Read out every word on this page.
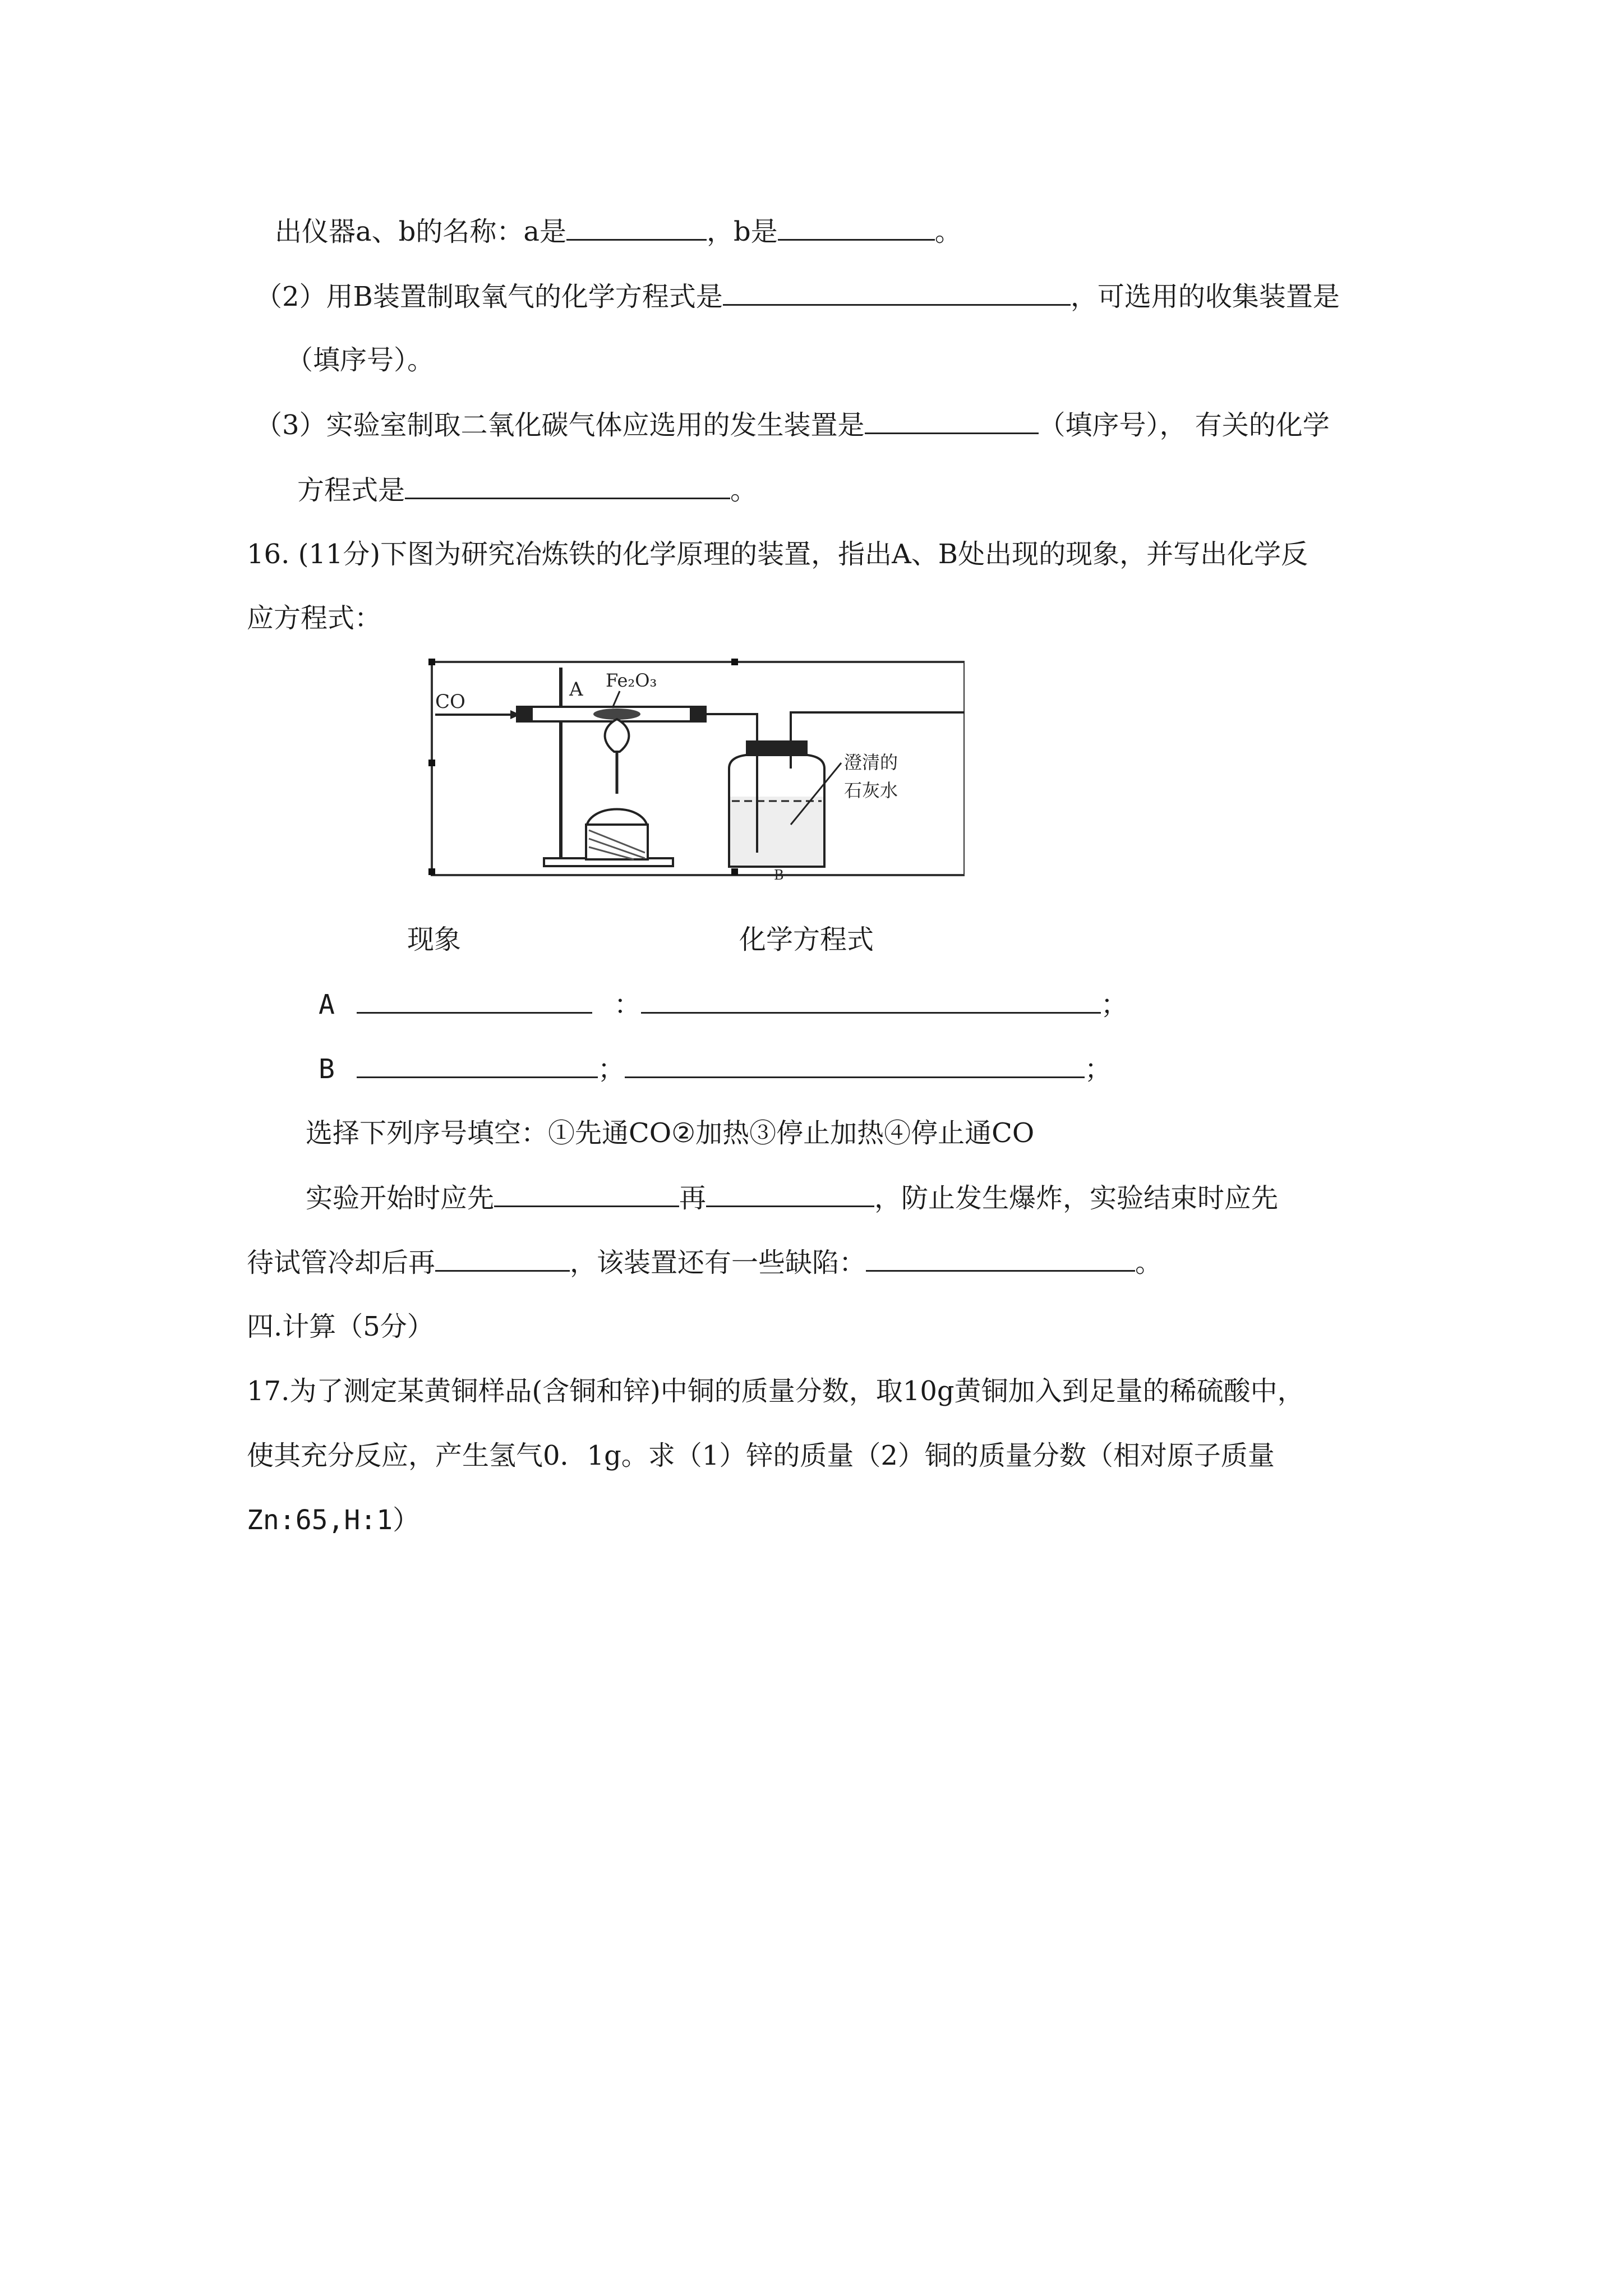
出仪器a、b的名称：a是	，b是	。
（2）用B装置制取氧气的化学方程式是	，可选用的收集装置是
（填序号）。
（3）实验室制取二氧化碳气体应选用的发生装置是	（填序号）， 有关的化学
方程式是	。
16. (11分)下图为研究冶炼铁的化学原理的装置，指出A、B处出现的现象，并写出化学反
应方程式：
CO
A Fe₂O₃
澄清的
石灰水
B
现象	化学方程式
A	：	；
B	；	；
选择下列序号填空：①先通CO②加热③停止加热④停止通CO
实验开始时应先	再	，防止发生爆炸，实验结束时应先
待试管冷却后再	，该装置还有一些缺陷：	。
四.计算（5分）
17.为了测定某黄铜样品(含铜和锌)中铜的质量分数，取10g黄铜加入到足量的稀硫酸中，
使其充分反应，产生氢气0．1g。求（1）锌的质量（2）铜的质量分数（相对原子质量
Zn:65,H:1）
